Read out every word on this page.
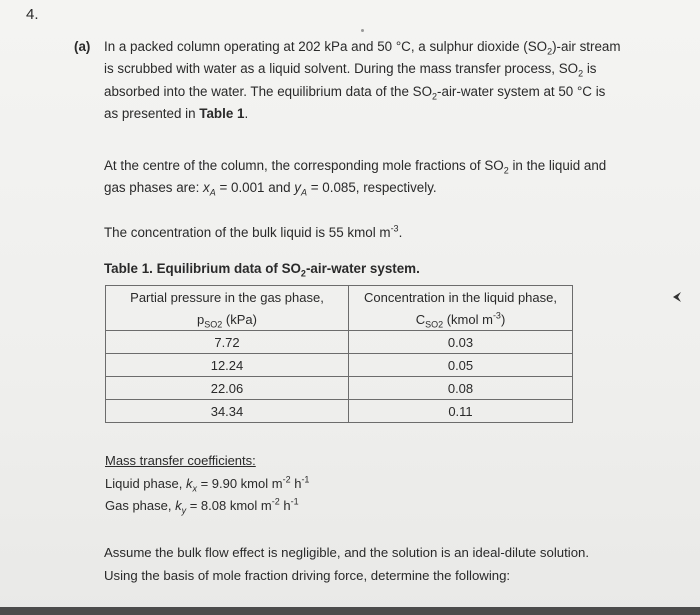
4.
(a) In a packed column operating at 202 kPa and 50 °C, a sulphur dioxide $(SO_2)$-air stream
is scrubbed with water as a liquid solvent. During the mass transfer process, $SO_2$ is
absorbed into the water. The equilibrium data of the $SO_2-air$-water system at 50 °C is
as presented in Table 1.
At the centre of the column, the corresponding mole fractions of $SO_2$ in the liquid and
gas phases are: $x_A = 0.001$ and $y_A = 0.085$, respectively.
The concentration of the bulk liquid is 55 kmol $m^{-3}$.
Table 1. Equilibrium data of $SO_2-air$-water system.
Partial pressure in the gas phase,	Concentration in the liquid phase,
$p_{SO2}$ (kPa)	$C_{SO2}$ (kmol $m^{-3}$)
7.72	0.03
12.24	0.05
22.06	0.08
34.34	0.11
Mass transfer coefficients:
Liquid phase, $k_x = 9.90$ kmol $m^{-2}$ $h^{-1}$
Gas phase, $k_y = 8.08$ kmol $m^{-2}$ $h^{-1}$
Assume the bulk flow effect is negligible, and the solution is an ideal-dilute solution.
Using the basis of mole fraction driving force, determine the following:
